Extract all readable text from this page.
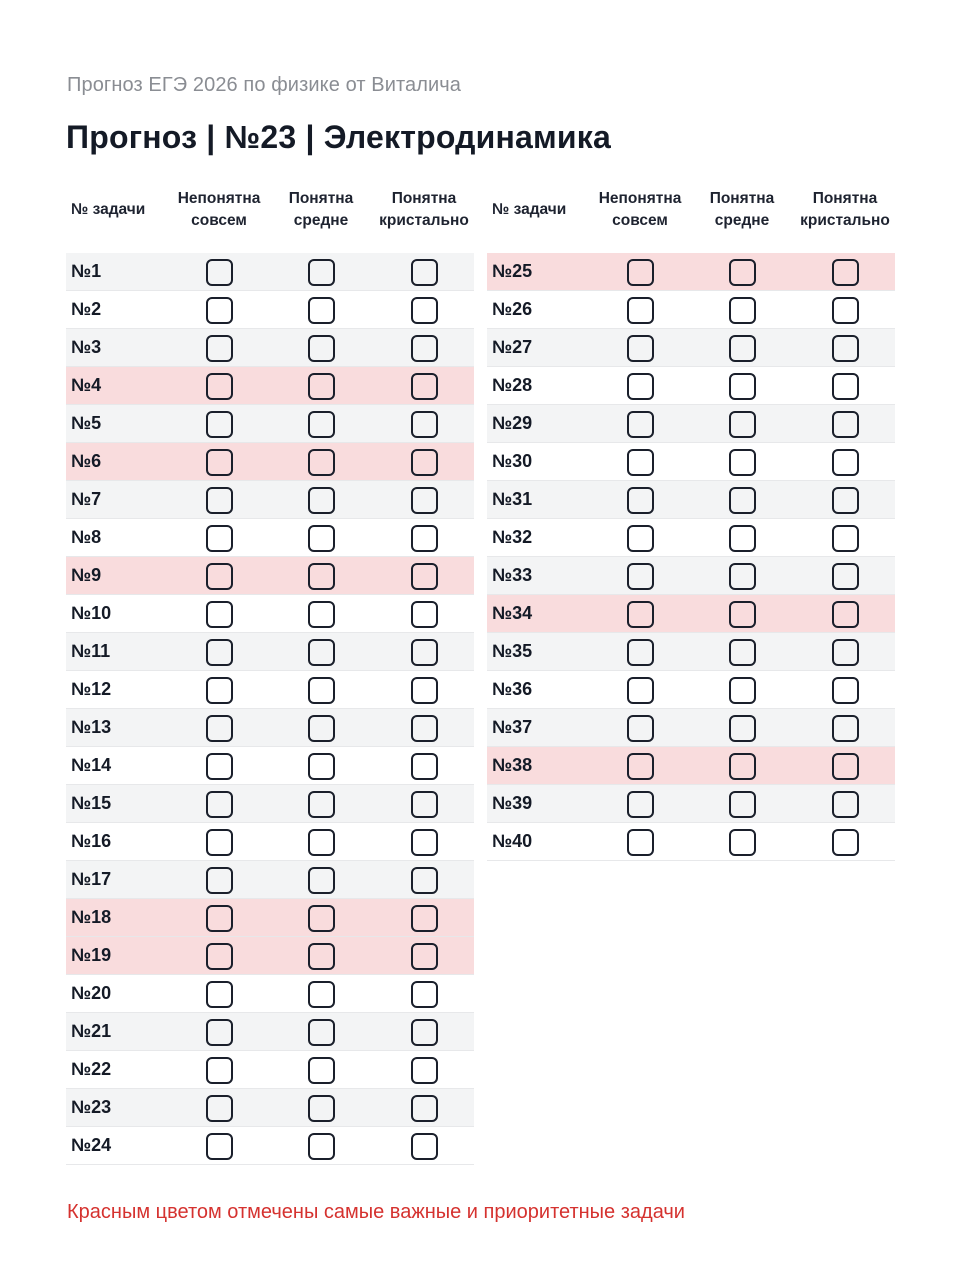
Прогноз ЕГЭ 2026 по физике от Виталича
Прогноз | №23 | Электродинамика
№ задачи
Непонятна
совсем
Понятна
средне
Понятна
кристально
№1
№2
№3
№4
№5
№6
№7
№8
№9
№10
№11
№12
№13
№14
№15
№16
№17
№18
№19
№20
№21
№22
№23
№24
№ задачи
Непонятна
совсем
Понятна
средне
Понятна
кристально
№25
№26
№27
№28
№29
№30
№31
№32
№33
№34
№35
№36
№37
№38
№39
№40
Красным цветом отмечены самые важные и приоритетные задачи
